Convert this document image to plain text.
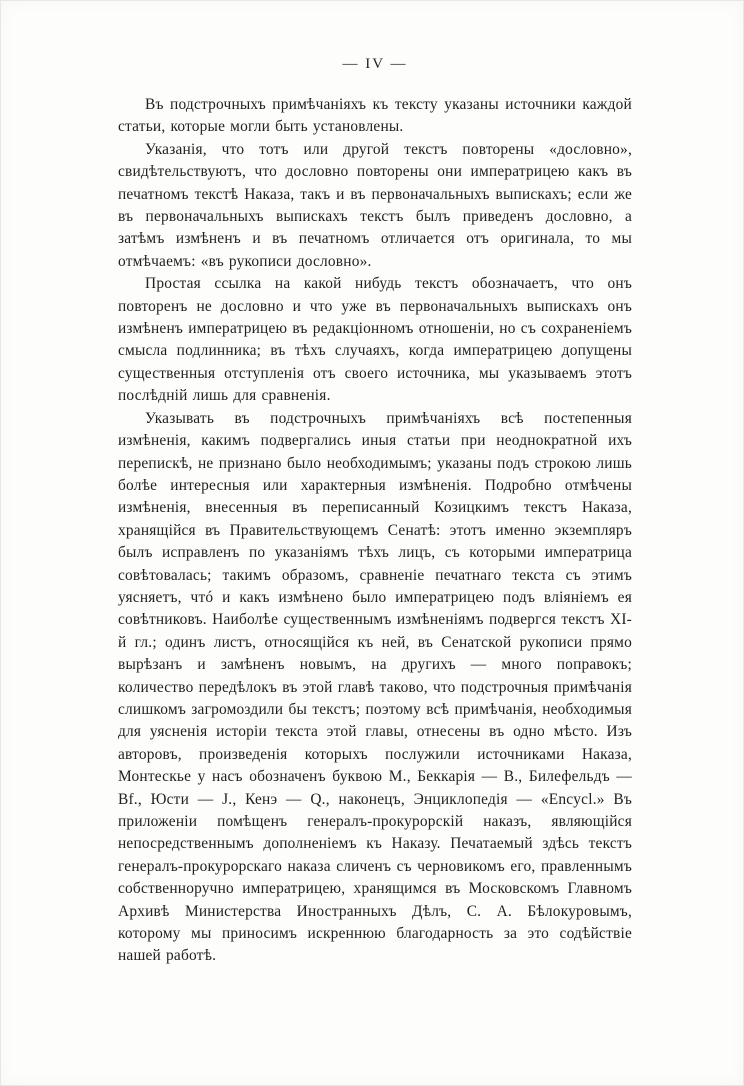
— IV —

Въ подстрочныхъ примѣчаніяхъ къ тексту указаны источники каждой статьи, которые могли быть установлены.

Указанія, что тотъ или другой текстъ повторены «дословно», свидѣтельствуютъ, что дословно повторены они императрицею какъ въ печатномъ текстѣ Наказа, такъ и въ первоначальныхъ выпискахъ; если же въ первоначальныхъ выпискахъ текстъ былъ приведенъ дословно, а затѣмъ измѣненъ и въ печатномъ отличается отъ оригинала, то мы отмѣчаемъ: «въ рукописи дословно».

Простая ссылка на какой нибудь текстъ обозначаетъ, что онъ повторенъ не дословно и что уже въ первоначальныхъ выпискахъ онъ измѣненъ императрицею въ редакціонномъ отношеніи, но съ сохраненіемъ смысла подлинника; въ тѣхъ случаяхъ, когда императрицею допущены существенныя отступленія отъ своего источника, мы указываемъ этотъ послѣдній лишь для сравненія.

Указывать въ подстрочныхъ примѣчаніяхъ всѣ постепенныя измѣненія, какимъ подвергались иныя статьи при неоднократной ихъ перепискѣ, не признано было необходимымъ; указаны подъ строкою лишь болѣе интересныя или характерныя измѣненія. Подробно отмѣчены измѣненія, внесенныя въ переписанный Козицкимъ текстъ Наказа, хранящійся въ Правительствующемъ Сенатѣ: этотъ именно экземпляръ былъ исправленъ по указаніямъ тѣхъ лицъ, съ которыми императрица совѣтовалась; такимъ образомъ, сравненіе печатнаго текста съ этимъ уясняетъ, чтó и какъ измѣнено было императрицею подъ вліяніемъ ея совѣтниковъ. Наиболѣе существеннымъ измѣненіямъ подвергся текстъ XI-й гл.; одинъ листъ, относящійся къ ней, въ Сенатской рукописи прямо вырѣзанъ и замѣненъ новымъ, на другихъ — много поправокъ; количество передѣлокъ въ этой главѣ таково, что подстрочныя примѣчанія слишкомъ загромоздили бы текстъ; поэтому всѣ примѣчанія, необходимыя для уясненія исторіи текста этой главы, отнесены въ одно мѣсто. Изъ авторовъ, произведенія которыхъ послужили источниками Наказа, Монтескье у насъ обозначенъ буквою М., Беккарія — В., Билефельдъ — Bf., Юсти — J., Кенэ — Q., наконецъ, Энциклопедія — «Encycl.» Въ приложеніи помѣщенъ генералъ-прокурорскій наказъ, являющійся непосредственнымъ дополненіемъ къ Наказу. Печатаемый здѣсь текстъ генералъ-прокурорскаго наказа сличенъ съ черновикомъ его, правленнымъ собственноручно императрицею, хранящимся въ Московскомъ Главномъ Архивѣ Министерства Иностранныхъ Дѣлъ, С. А. Бѣлокуровымъ, которому мы приносимъ искреннюю благодарность за это содѣйствіе нашей работѣ.
